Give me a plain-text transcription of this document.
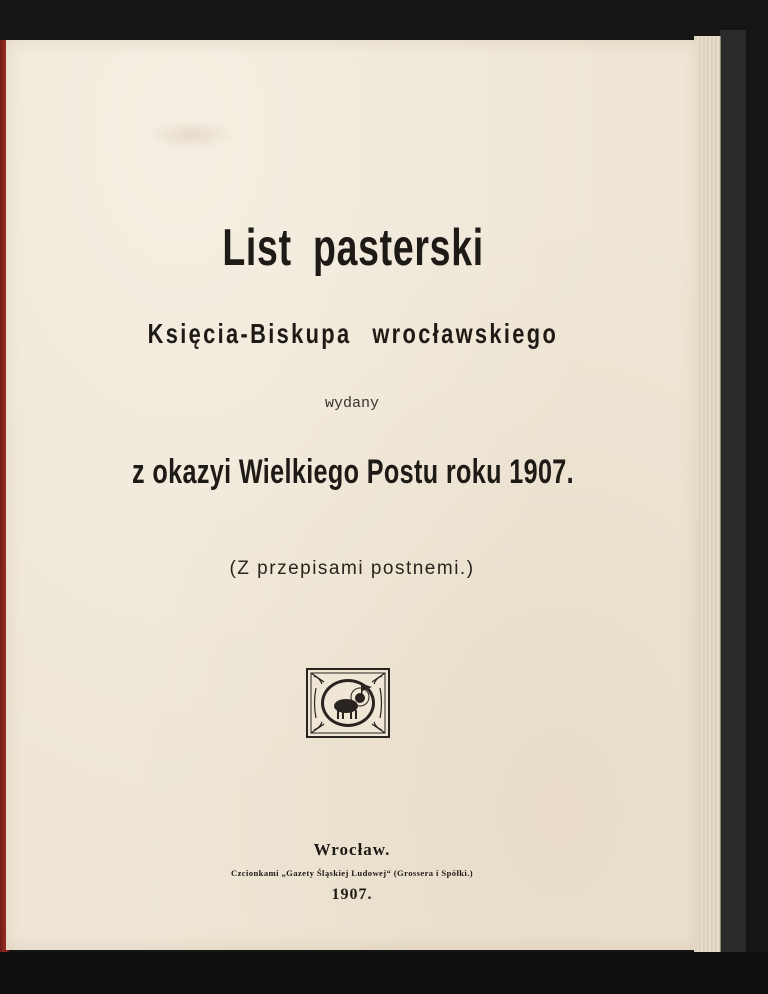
List pasterski
Księcia-Biskupa wrocławskiego
wydany
z okazyi Wielkiego Postu roku 1907.
(Z przepisami postnemi.)
Wrocław.
Czcionkami „Gazety Śląskiej Ludowej“ (Grossera i Spółki.)
1907.
